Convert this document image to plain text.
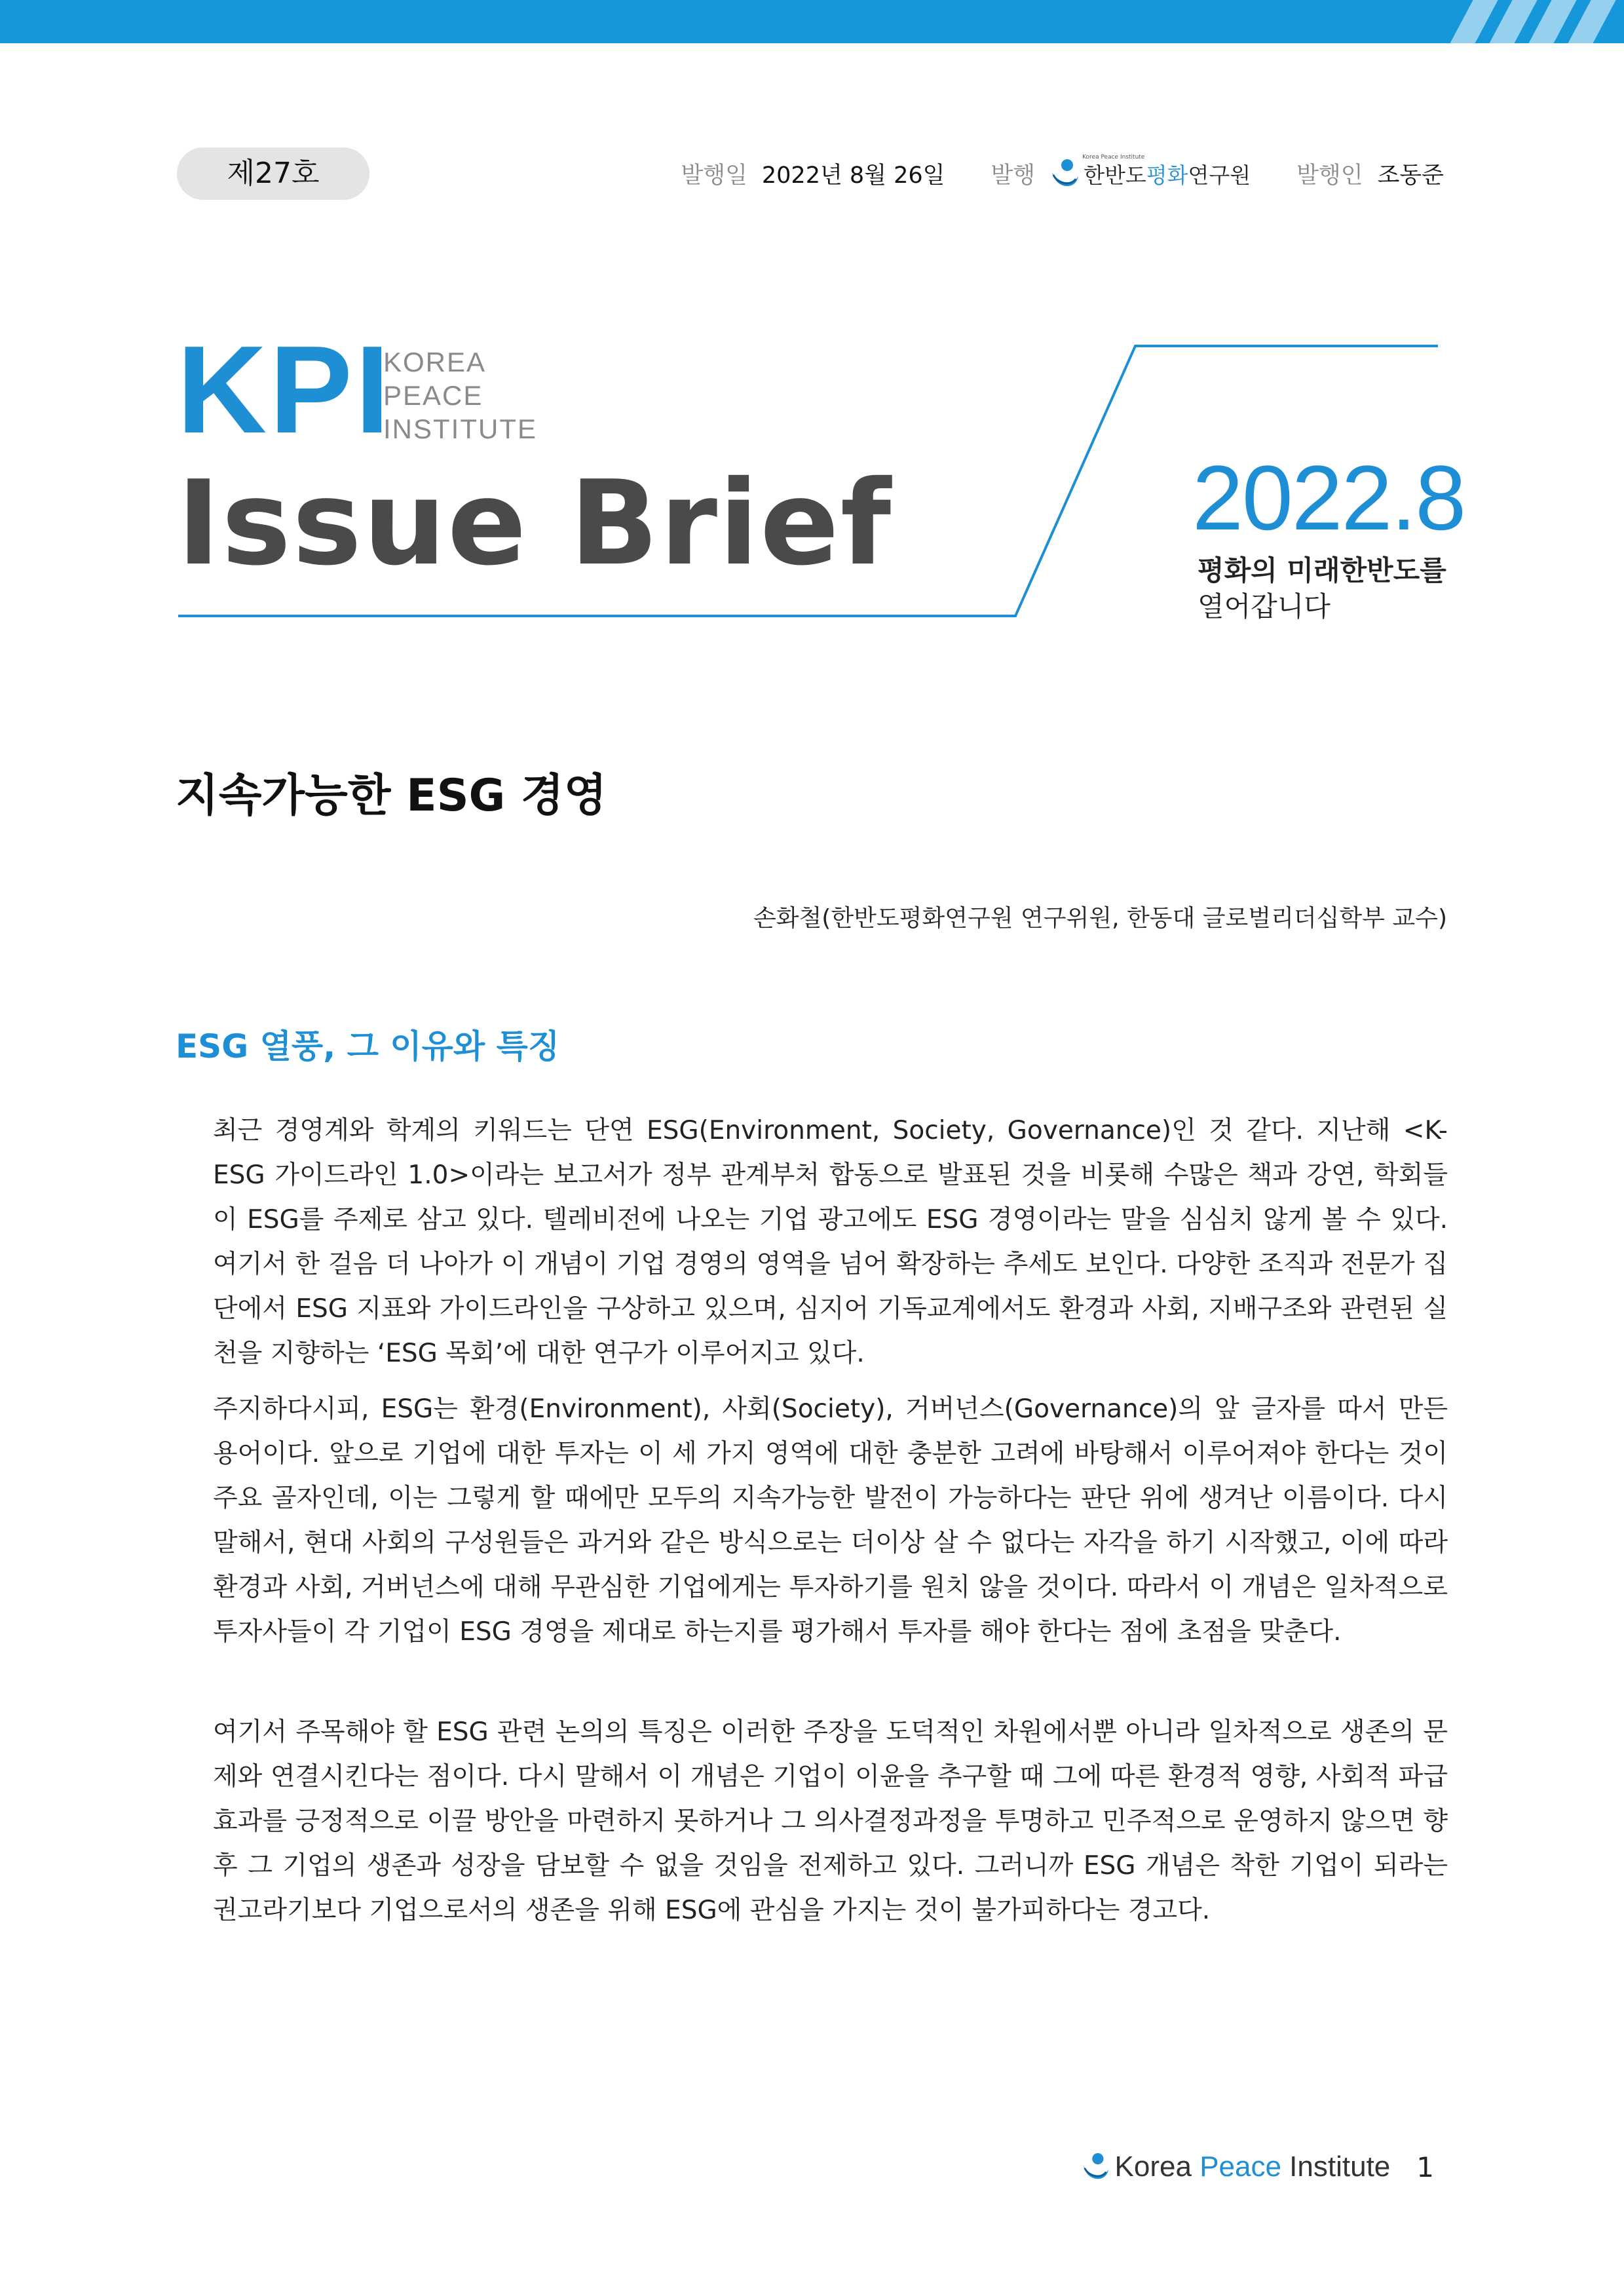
제27호	발행일 2022년 8월 26일 발행
Korea Peace Institute
한반도평화연구원 발행인 조동준
KPI
KOREA
PEACE
INSTITUTE
Issue Brief	2022.8
평화의 미래한반도를
열어갑니다
지속가능한 ESG 경영
손화철(한반도평화연구원 연구위원, 한동대 글로벌리더십학부 교수)
ESG 열풍, 그 이유와 특징

최근 경영계와 학계의 키워드는 단연 ESG(Environment, Society, Governance)인 것 같다. 지난해 <K-ESG 가이드라인 1.0>이라는 보고서가 정부 관계부처 합동으로 발표된 것을 비롯해 수많은 책과 강연, 학회들이 ESG를 주제로 삼고 있다. 텔레비전에 나오는 기업 광고에도 ESG 경영이라는 말을 심심치 않게 볼 수 있다. 여기서 한 걸음 더 나아가 이 개념이 기업 경영의 영역을 넘어 확장하는 추세도 보인다. 다양한 조직과 전문가 집단에서 ESG 지표와 가이드라인을 구상하고 있으며, 심지어 기독교계에서도 환경과 사회, 지배구조와 관련된 실천을 지향하는 ‘ESG 목회’에 대한 연구가 이루어지고 있다.

주지하다시피, ESG는 환경(Environment), 사회(Society), 거버넌스(Governance)의 앞 글자를 따서 만든 용어이다. 앞으로 기업에 대한 투자는 이 세 가지 영역에 대한 충분한 고려에 바탕해서 이루어져야 한다는 것이 주요 골자인데, 이는 그렇게 할 때에만 모두의 지속가능한 발전이 가능하다는 판단 위에 생겨난 이름이다. 다시 말해서, 현대 사회의 구성원들은 과거와 같은 방식으로는 더이상 살 수 없다는 자각을 하기 시작했고, 이에 따라 환경과 사회, 거버넌스에 대해 무관심한 기업에게는 투자하기를 원치 않을 것이다. 따라서 이 개념은 일차적으로 투자사들이 각 기업이 ESG 경영을 제대로 하는지를 평가해서 투자를 해야 한다는 점에 초점을 맞춘다.

여기서 주목해야 할 ESG 관련 논의의 특징은 이러한 주장을 도덕적인 차원에서뿐 아니라 일차적으로 생존의 문제와 연결시킨다는 점이다. 다시 말해서 이 개념은 기업이 이윤을 추구할 때 그에 따른 환경적 영향, 사회적 파급효과를 긍정적으로 이끌 방안을 마련하지 못하거나 그 의사결정과정을 투명하고 민주적으로 운영하지 않으면 향후 그 기업의 생존과 성장을 담보할 수 없을 것임을 전제하고 있다. 그러니까 ESG 개념은 착한 기업이 되라는 권고라기보다 기업으로서의 생존을 위해 ESG에 관심을 가지는 것이 불가피하다는 경고다.

Korea Peace Institute 1
